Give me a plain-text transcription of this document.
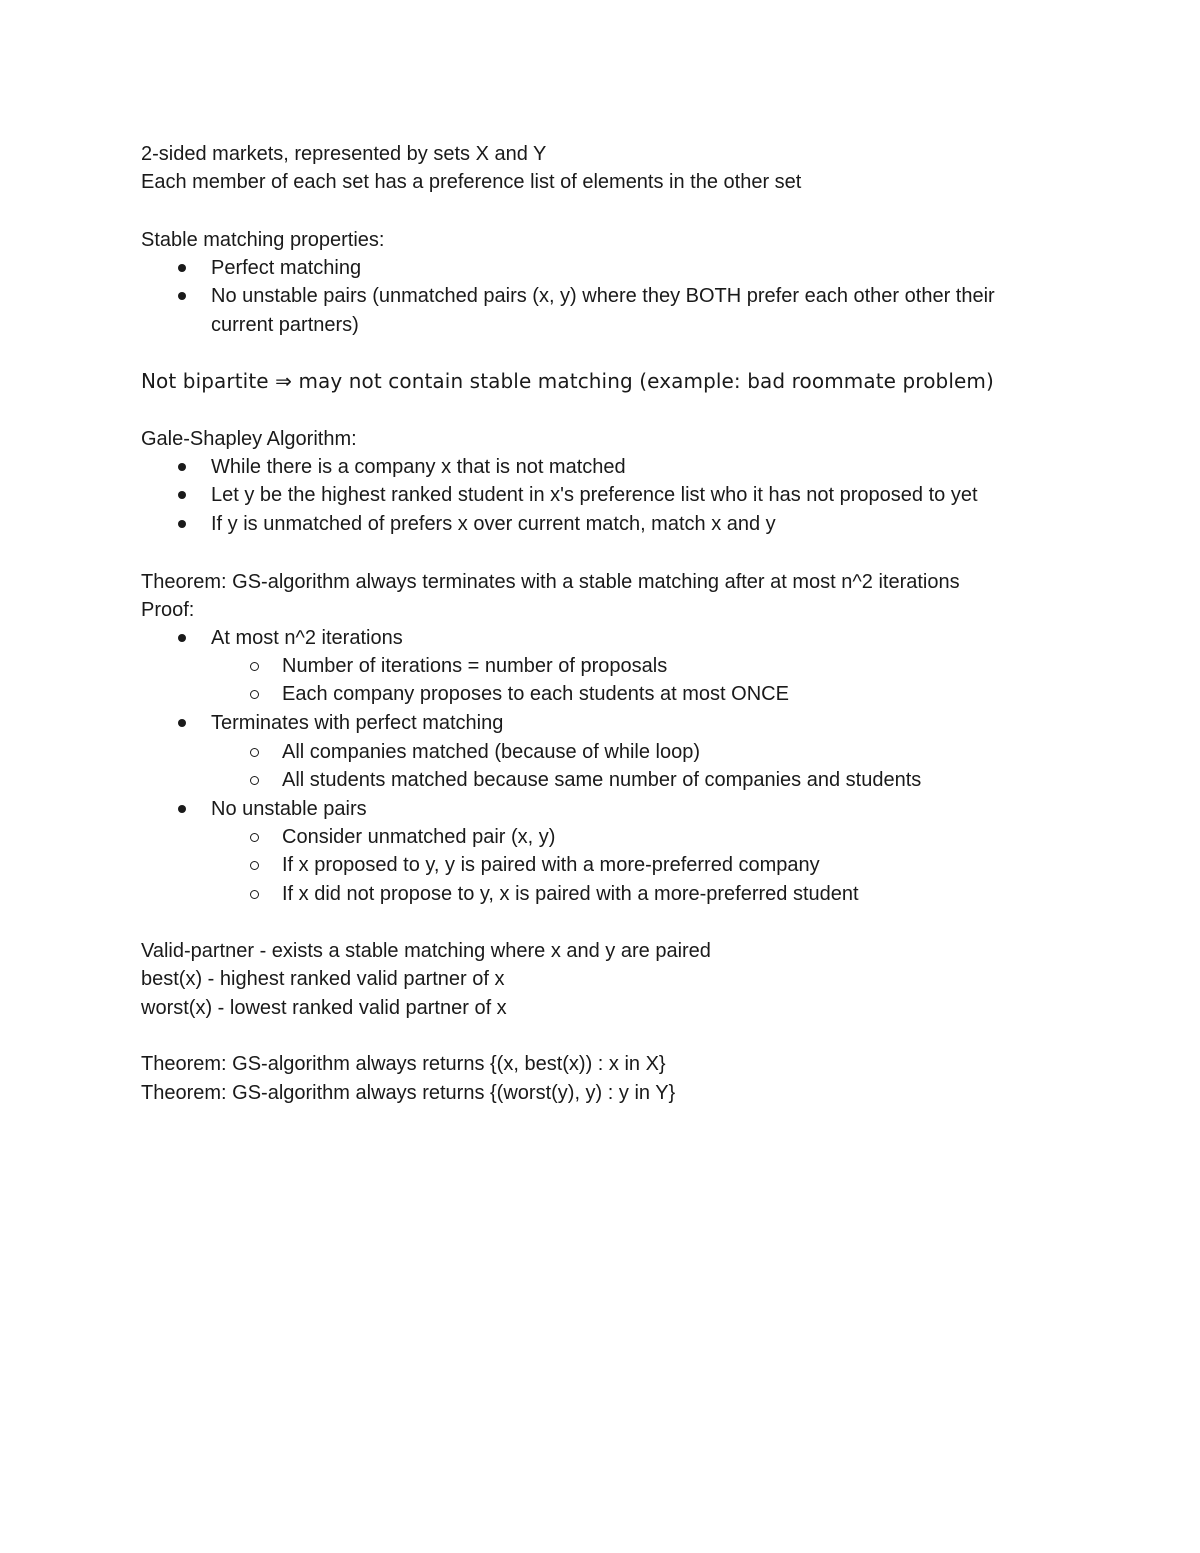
2-sided markets, represented by sets X and Y
Each member of each set has a preference list of elements in the other set
Stable matching properties:
Perfect matching
No unstable pairs (unmatched pairs (x, y) where they BOTH prefer each other other their
current partners)
Not bipartite ⇒ may not contain stable matching (example: bad roommate problem)
Gale-Shapley Algorithm:
While there is a company x that is not matched
Let y be the highest ranked student in x's preference list who it has not proposed to yet
If y is unmatched of prefers x over current match, match x and y
Theorem: GS-algorithm always terminates with a stable matching after at most n^2 iterations
Proof:
At most n^2 iterations
Number of iterations = number of proposals
Each company proposes to each students at most ONCE
Terminates with perfect matching
All companies matched (because of while loop)
All students matched because same number of companies and students
No unstable pairs
Consider unmatched pair (x, y)
If x proposed to y, y is paired with a more-preferred company
If x did not propose to y, x is paired with a more-preferred student
Valid-partner - exists a stable matching where x and y are paired
best(x) - highest ranked valid partner of x
worst(x) - lowest ranked valid partner of x
Theorem: GS-algorithm always returns {(x, best(x)) : x in X}
Theorem: GS-algorithm always returns {(worst(y), y) : y in Y}
